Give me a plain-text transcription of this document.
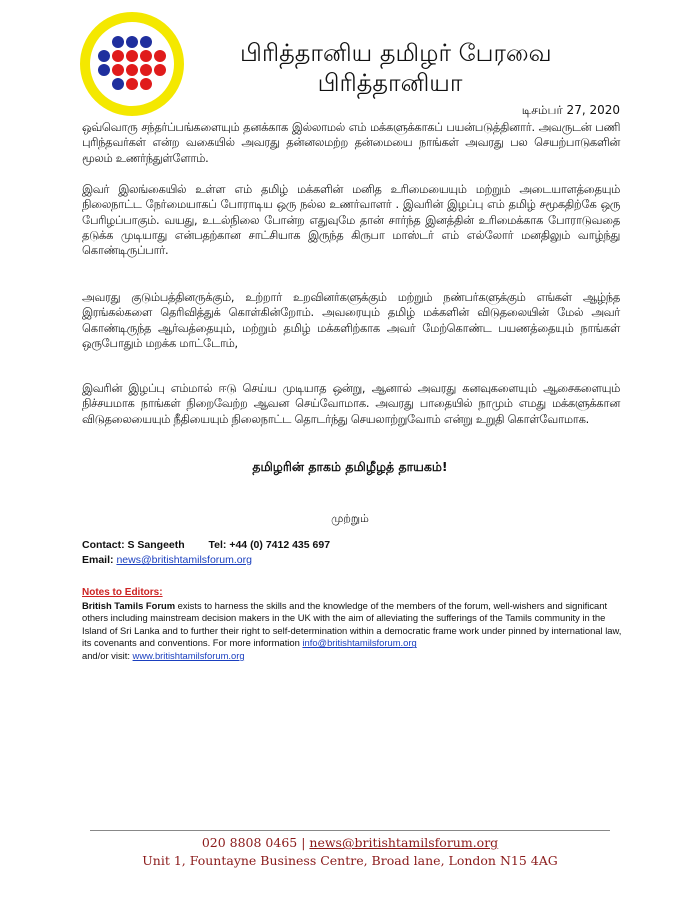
பிரித்தானிய தமிழர் பேரவை
பிரித்தானியா
டிசம்பர் 27, 2020
ஒவ்வொரு சந்தர்ப்பங்களையும் தனக்காக இல்லாமல் எம் மக்களுக்காகப் பயன்படுத்தினார். அவருடன் பணி புரிந்தவர்கள் என்ற வகையில் அவரது தன்னலமற்ற தன்மையை நாங்கள் அவரது பல செயற்பாடுகளின் மூலம் உணர்ந்துள்ளோம்.
இவர் இலங்கையில் உள்ள எம் தமிழ் மக்களின் மனித உரிமையையும் மற்றும் அடையாளத்தையும் நிலைநாட்ட நேர்மையாகப் போராடிய ஒரு நல்ல உணர்வாளர் . இவரின் இழப்பு எம் தமிழ் சமூகதிற்கே ஒரு பேரிழப்பாகும். வயது, உடல்நிலை போன்ற எதுவுமே தான் சார்ந்த இனத்தின் உரிமைக்காக போராடுவதை தடுக்க முடியாது என்பதற்கான சாட்சியாக இருந்த கிருபா மாஸ்டர் எம் எல்லோர் மனதிலும் வாழ்ந்து கொண்டிருப்பார்.
அவரது குடும்பத்தினருக்கும், உற்றார் உறவினர்களுக்கும் மற்றும் நண்பர்களுக்கும் எங்கள் ஆழ்ந்த இரங்கல்களை தெரிவித்துக் கொள்கின்றோம். அவரையும் தமிழ் மக்களின் விடுதலையின் மேல் அவர் கொண்டிருந்த ஆர்வத்தையும், மற்றும் தமிழ் மக்களிற்காக அவர் மேற்கொண்ட பயணத்தையும் நாங்கள் ஒருபோதும் மறக்க மாட்டோம்,
இவரின் இழப்பு எம்மால் ஈடு செய்ய முடியாத ஒன்று, ஆனால் அவரது கனவுகளையும் ஆசைகளையும் நிச்சயமாக நாங்கள் நிறைவேற்ற ஆவன செய்வோமாக. அவரது பாதையில் நாமும் எமது மக்களுக்கான விடுதலையையும் நீதியையும் நிலைநாட்ட தொடர்ந்து செயலாற்றுவோம் என்று உறுதி கொள்வோமாக.
தமிழரின் தாகம் தமிழீழத் தாயகம்!
முற்றும்
Contact: S Sangeeth Tel: +44 (0) 7412 435 697
Email: news@britishtamilsforum.org
Notes to Editors:
British Tamils Forum exists to harness the skills and the knowledge of the members of the forum, well-wishers and significant others including mainstream decision makers in the UK with the aim of alleviating the sufferings of the Tamils community in the Island of Sri Lanka and to further their right to self-determination within a democratic frame work under pinned by international law, its covenants and conventions. For more information info@britishtamilsforum.org
and/or visit: www.britishtamilsforum.org
020 8808 0465 | news@britishtamilsforum.org
Unit 1, Fountayne Business Centre, Broad lane, London N15 4AG
